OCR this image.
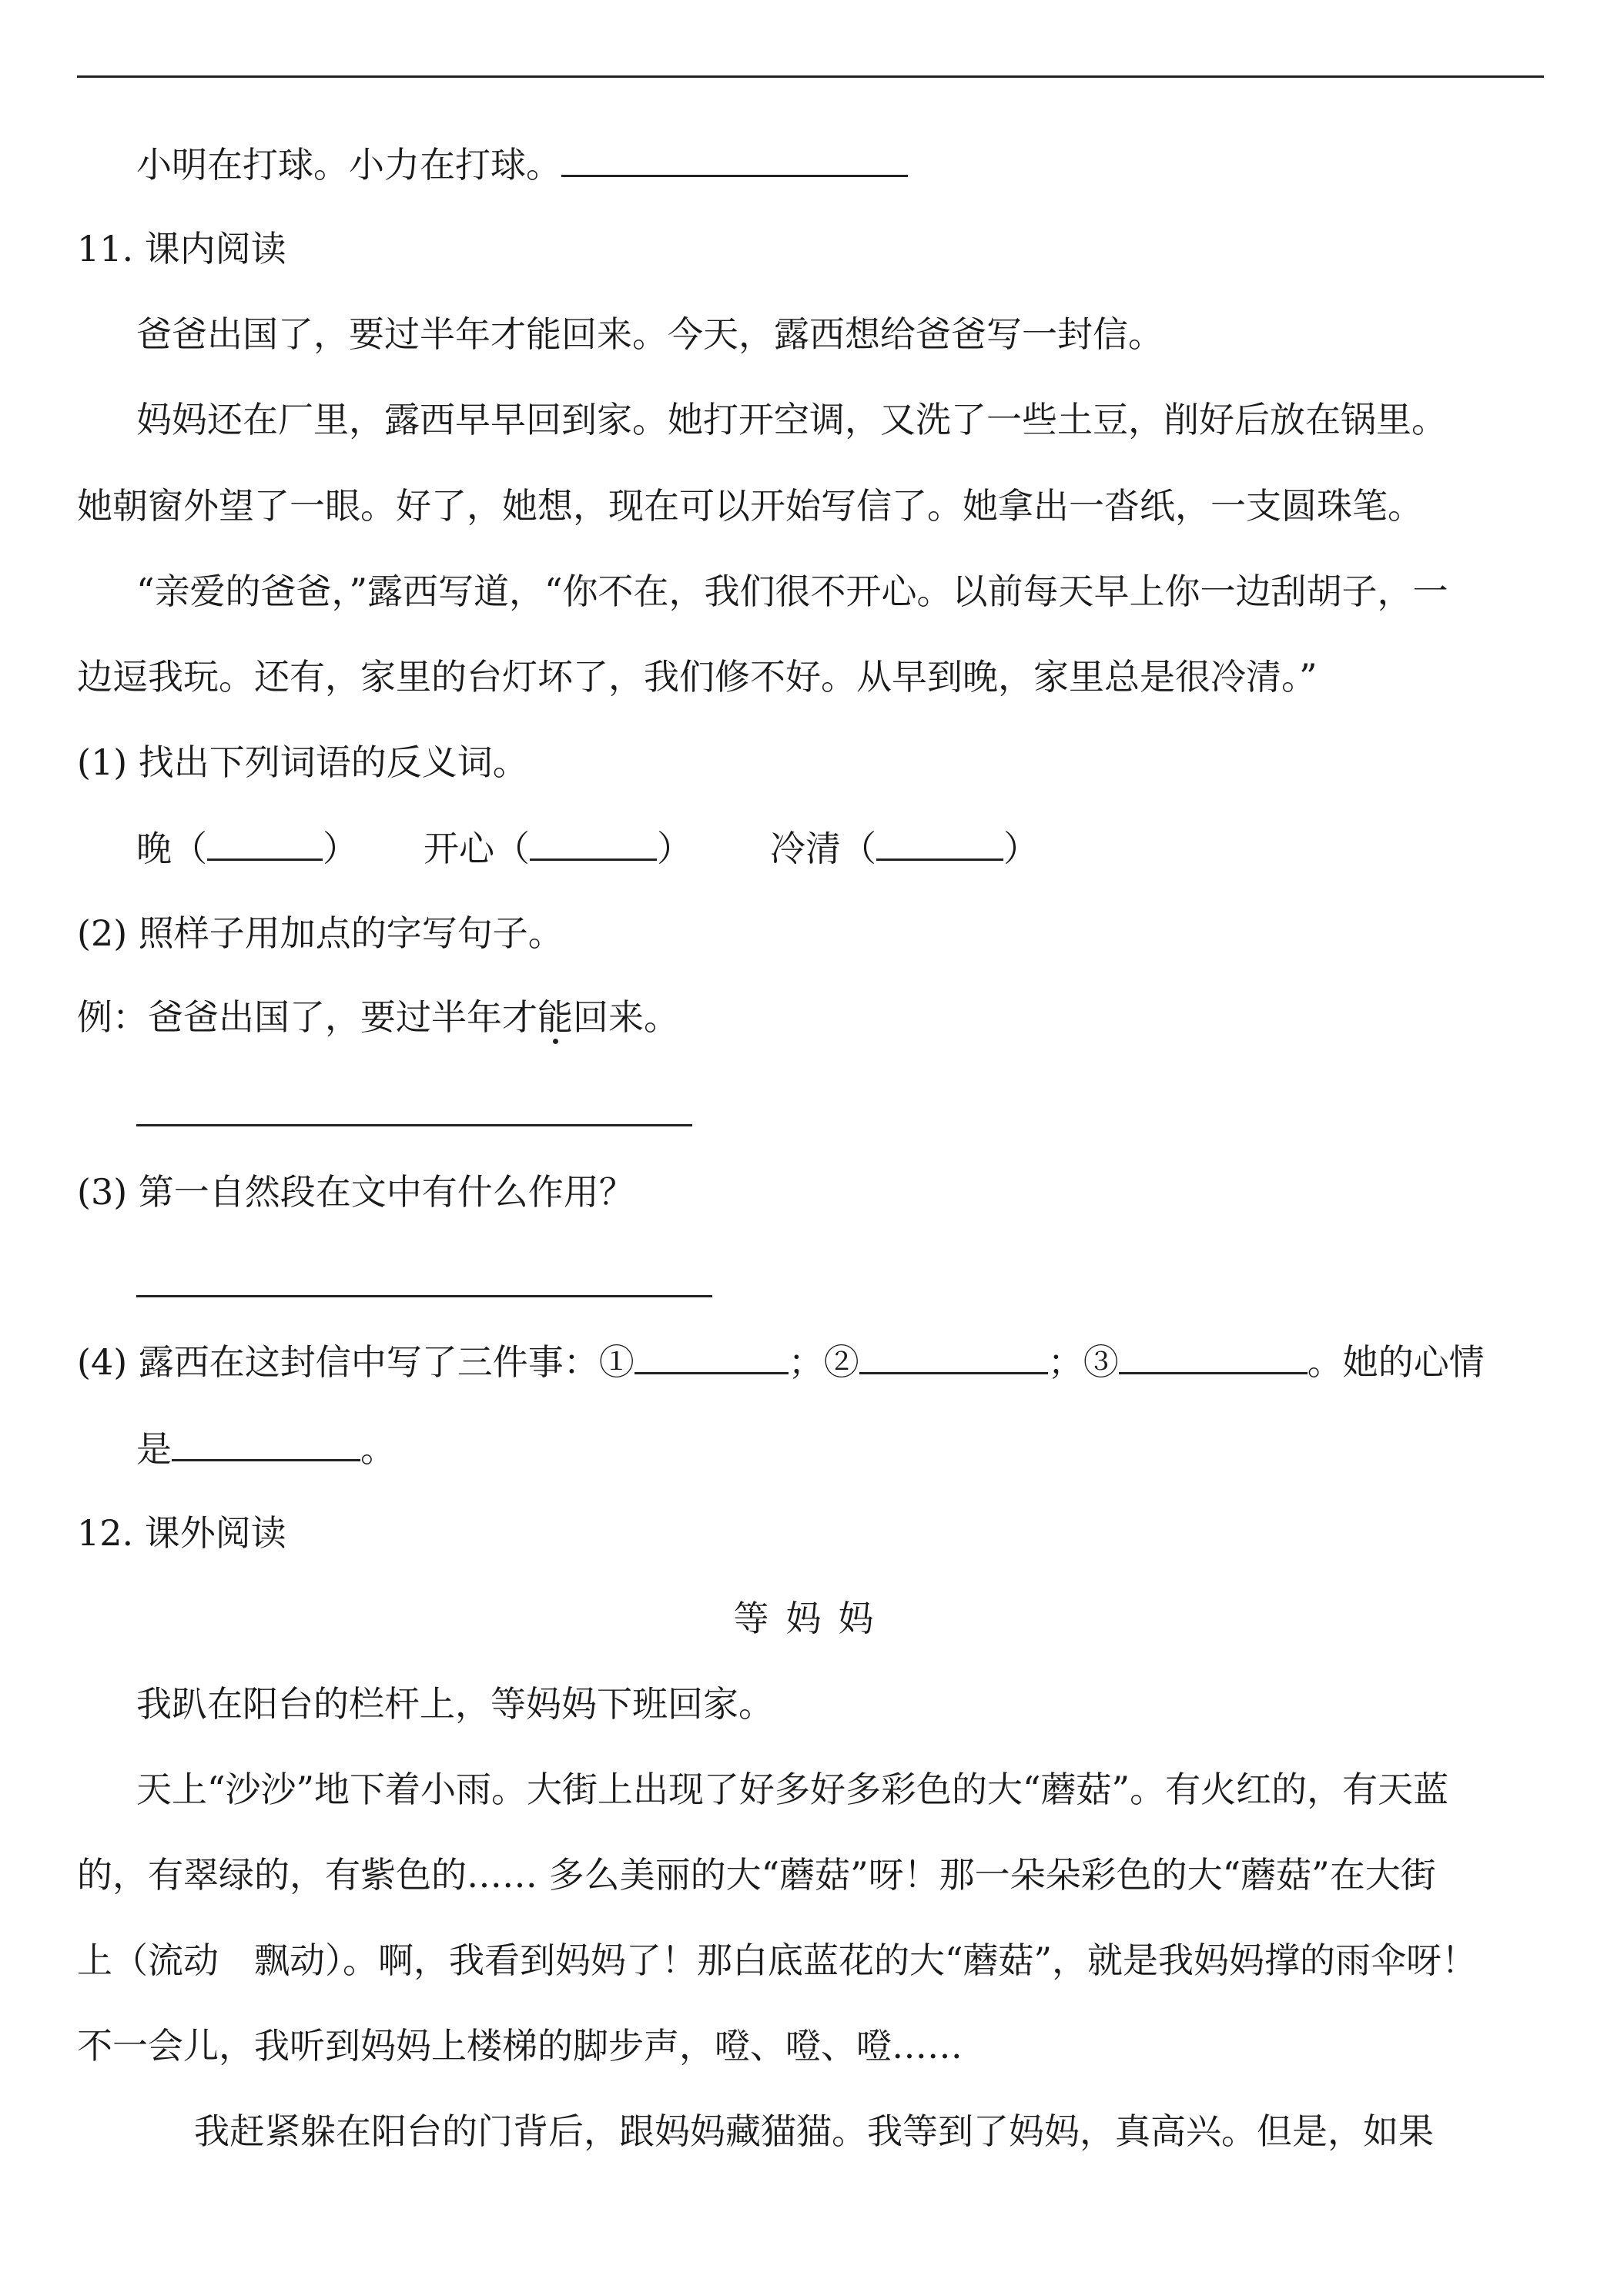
小明在打球。小力在打球。
11. 课内阅读
爸爸出国了，要过半年才能回来。今天，露西想给爸爸写一封信。
妈妈还在厂里，露西早早回到家。她打开空调，又洗了一些土豆，削好后放在锅里。
她朝窗外望了一眼。好了，她想，现在可以开始写信了。她拿出一沓纸，一支圆珠笔。
“亲爱的爸爸，”露西写道，“你不在，我们很不开心。以前每天早上你一边刮胡子，一
边逗我玩。还有，家里的台灯坏了，我们修不好。从早到晚，家里总是很冷清。”
(1) 找出下列词语的反义词。
晚（	） 开心（	） 冷清（	）
(2) 照样子用加点的字写句子。
例：爸爸出国了，要过半年才能回来。
(3) 第一自然段在文中有什么作用？
(4) 露西在这封信中写了三件事：①	；②	；③	。她的心情
是	。
12. 课外阅读
等妈妈
我趴在阳台的栏杆上，等妈妈下班回家。
天上“沙沙”地下着小雨。大街上出现了好多好多彩色的大“蘑菇”。有火红的，有天蓝
的，有翠绿的，有紫色的…… 多么美丽的大“蘑菇”呀！那一朵朵彩色的大“蘑菇”在大街
上（流动　飘动）。啊，我看到妈妈了！那白底蓝花的大“蘑菇”，就是我妈妈撑的雨伞呀！
不一会儿，我听到妈妈上楼梯的脚步声，噔、噔、噔……
我赶紧躲在阳台的门背后，跟妈妈藏猫猫。我等到了妈妈，真高兴。但是，如果
